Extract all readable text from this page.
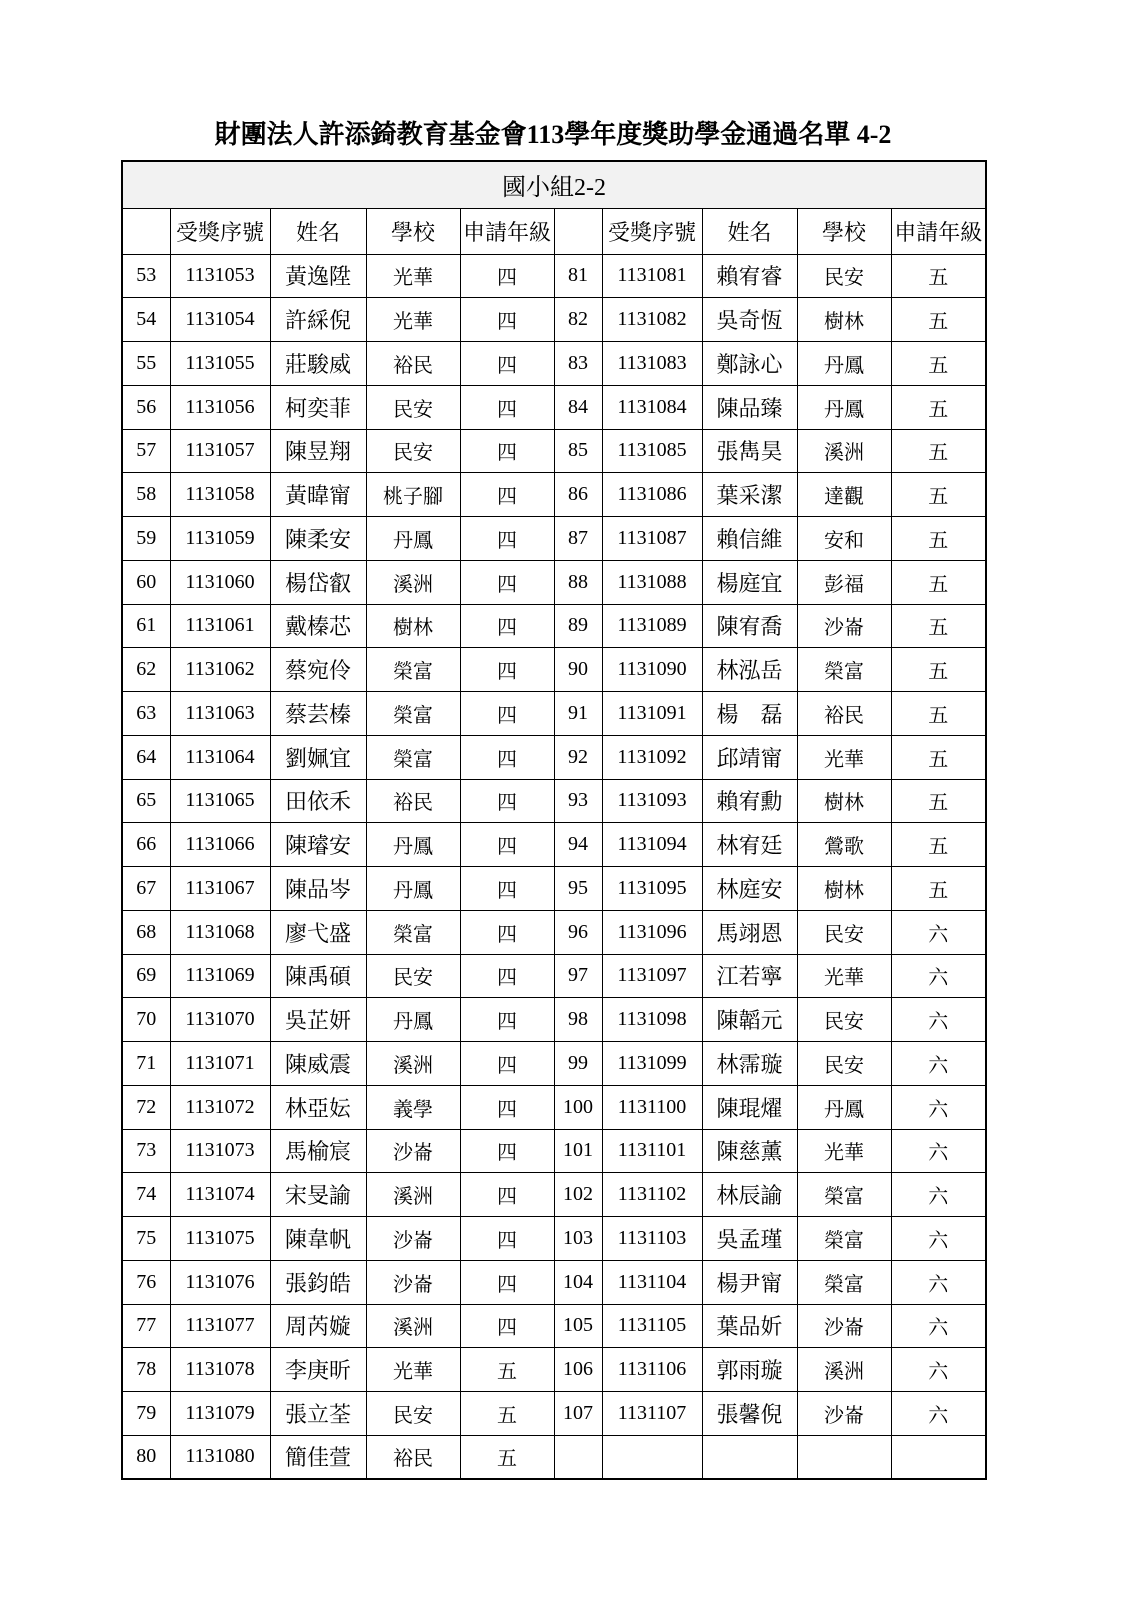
財團法人許添錡教育基金會113學年度獎助學金通過名單 4-2
國小組2-2									
	受獎序號	姓名	學校	申請年級		受獎序號	姓名	學校	申請年級
53	1131053	黃逸陞	光華	四	81	1131081	賴宥睿	民安	五
54	1131054	許綵倪	光華	四	82	1131082	吳奇恆	樹林	五
55	1131055	莊駿威	裕民	四	83	1131083	鄭詠心	丹鳳	五
56	1131056	柯奕菲	民安	四	84	1131084	陳品臻	丹鳳	五
57	1131057	陳昱翔	民安	四	85	1131085	張雋昊	溪洲	五
58	1131058	黃暐甯	桃子腳	四	86	1131086	葉采潔	達觀	五
59	1131059	陳柔安	丹鳳	四	87	1131087	賴信維	安和	五
60	1131060	楊岱叡	溪洲	四	88	1131088	楊庭宜	彭福	五
61	1131061	戴榛芯	樹林	四	89	1131089	陳宥喬	沙崙	五
62	1131062	蔡宛伶	榮富	四	90	1131090	林泓岳	榮富	五
63	1131063	蔡芸榛	榮富	四	91	1131091	楊　磊	裕民	五
64	1131064	劉姵宜	榮富	四	92	1131092	邱靖甯	光華	五
65	1131065	田依禾	裕民	四	93	1131093	賴宥勳	樹林	五
66	1131066	陳璿安	丹鳳	四	94	1131094	林宥廷	鶯歌	五
67	1131067	陳品岑	丹鳳	四	95	1131095	林庭安	樹林	五
68	1131068	廖弋盛	榮富	四	96	1131096	馬翊恩	民安	六
69	1131069	陳禹碩	民安	四	97	1131097	江若寧	光華	六
70	1131070	吳芷妍	丹鳳	四	98	1131098	陳韜元	民安	六
71	1131071	陳威震	溪洲	四	99	1131099	林霈璇	民安	六
72	1131072	林亞妘	義學	四	100	1131100	陳琨燿	丹鳳	六
73	1131073	馬榆宸	沙崙	四	101	1131101	陳慈薰	光華	六
74	1131074	宋旻諭	溪洲	四	102	1131102	林辰諭	榮富	六
75	1131075	陳韋帆	沙崙	四	103	1131103	吳孟瑾	榮富	六
76	1131076	張鈞皓	沙崙	四	104	1131104	楊尹甯	榮富	六
77	1131077	周芮嫙	溪洲	四	105	1131105	葉品妡	沙崙	六
78	1131078	李庚昕	光華	五	106	1131106	郭雨璇	溪洲	六
79	1131079	張立荃	民安	五	107	1131107	張馨倪	沙崙	六
80	1131080	簡佳萱	裕民	五					
